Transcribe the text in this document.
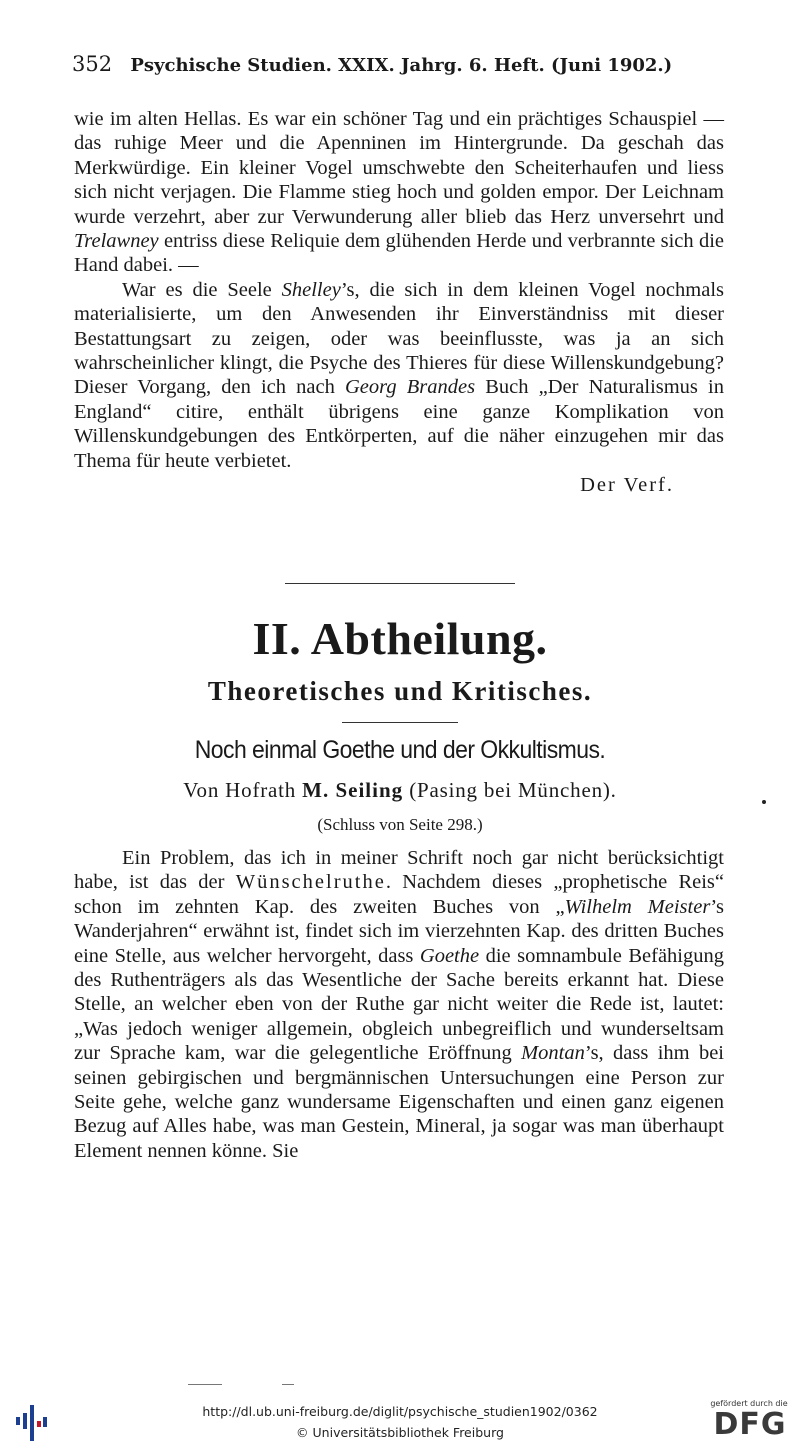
352 Psychische Studien. XXIX. Jahrg. 6. Heft. (Juni 1902.)

wie im alten Hellas. Es war ein schöner Tag und ein prächtiges Schauspiel — das ruhige Meer und die Apenninen im Hintergrunde. Da geschah das Merkwürdige. Ein kleiner Vogel umschwebte den Scheiterhaufen und liess sich nicht verjagen. Die Flamme stieg hoch und golden empor. Der Leichnam wurde verzehrt, aber zur Verwunderung aller blieb das Herz unversehrt und Trelawney entriss diese Reliquie dem glühenden Herde und verbrannte sich die Hand dabei. —

War es die Seele Shelley’s, die sich in dem kleinen Vogel nochmals materialisierte, um den Anwesenden ihr Einverständniss mit dieser Bestattungsart zu zeigen, oder was beeinflusste, was ja an sich wahrscheinlicher klingt, die Psyche des Thieres für diese Willenskundgebung? Dieser Vorgang, den ich nach Georg Brandes Buch „Der Naturalismus in England“ citire, enthält übrigens eine ganze Komplikation von Willenskundgebungen des Entkörperten, auf die näher einzugehen mir das Thema für heute verbietet.

Der Verf.
II. Abtheilung.
Theoretisches und Kritisches.
Noch einmal Goethe und der Okkultismus.
Von Hofrath M. Seiling (Pasing bei München).
(Schluss von Seite 298.)

Ein Problem, das ich in meiner Schrift noch gar nicht berücksichtigt habe, ist das der Wünschelruthe. Nachdem dieses „prophetische Reis“ schon im zehnten Kap. des zweiten Buches von „Wilhelm Meister’s Wanderjahren“ erwähnt ist, findet sich im vierzehnten Kap. des dritten Buches eine Stelle, aus welcher hervorgeht, dass Goethe die somnambule Befähigung des Ruthenträgers als das Wesentliche der Sache bereits erkannt hat. Diese Stelle, an welcher eben von der Ruthe gar nicht weiter die Rede ist, lautet: „Was jedoch weniger allgemein, obgleich unbegreiflich und wunderseltsam zur Sprache kam, war die gelegentliche Eröffnung Montan’s, dass ihm bei seinen gebirgischen und bergmännischen Untersuchungen eine Person zur Seite gehe, welche ganz wundersame Eigenschaften und einen ganz eigenen Bezug auf Alles habe, was man Gestein, Mineral, ja sogar was man überhaupt Element nennen könne. Sie

http://dl.ub.uni-freiburg.de/diglit/psychische_studien1902/0362
© Universitätsbibliothek Freiburg
gefördert durch die
DFG
